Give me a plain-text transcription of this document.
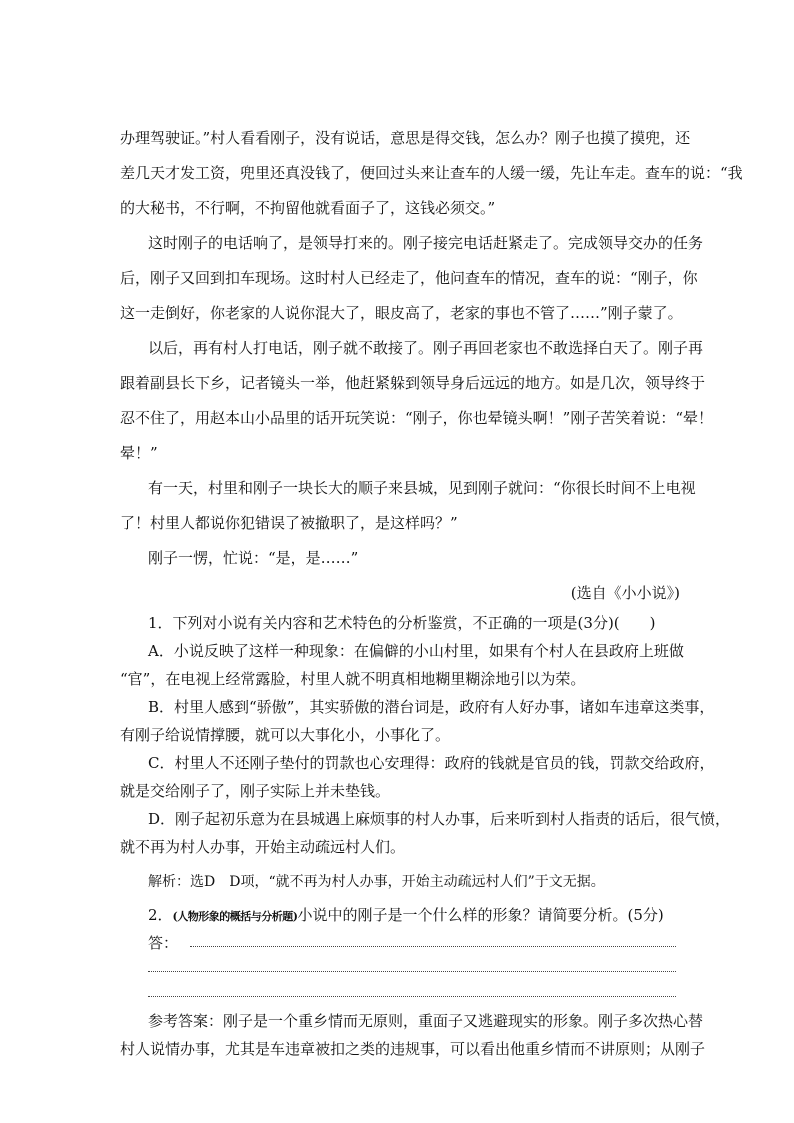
办理驾驶证。”村人看看刚子，没有说话，意思是得交钱，怎么办？刚子也摸了摸兜，还
差几天才发工资，兜里还真没钱了，便回过头来让查车的人缓一缓，先让车走。查车的说：“我
的大秘书，不行啊，不拘留他就看面子了，这钱必须交。”
这时刚子的电话响了，是领导打来的。刚子接完电话赶紧走了。完成领导交办的任务
后，刚子又回到扣车现场。这时村人已经走了，他问查车的情况，查车的说：“刚子，你
这一走倒好，你老家的人说你混大了，眼皮高了，老家的事也不管了……”刚子蒙了。
以后，再有村人打电话，刚子就不敢接了。刚子再回老家也不敢选择白天了。刚子再
跟着副县长下乡，记者镜头一举，他赶紧躲到领导身后远远的地方。如是几次，领导终于
忍不住了，用赵本山小品里的话开玩笑说：“刚子，你也晕镜头啊！”刚子苦笑着说：“晕！
晕！”
有一天，村里和刚子一块长大的顺子来县城，见到刚子就问：“你很长时间不上电视
了！村里人都说你犯错误了被撤职了，是这样吗？”
刚子一愣，忙说：“是，是……”
(选自《小小说》)
1．下列对小说有关内容和艺术特色的分析鉴赏，不正确的一项是(3分)(　　)
A．小说反映了这样一种现象：在偏僻的小山村里，如果有个村人在县政府上班做
“官”，在电视上经常露脸，村里人就不明真相地糊里糊涂地引以为荣。
B．村里人感到“骄傲”，其实骄傲的潜台词是，政府有人好办事，诸如车违章这类事，
有刚子给说情撑腰，就可以大事化小，小事化了。
C．村里人不还刚子垫付的罚款也心安理得：政府的钱就是官员的钱，罚款交给政府，
就是交给刚子了，刚子实际上并未垫钱。
D．刚子起初乐意为在县城遇上麻烦事的村人办事，后来听到村人指责的话后，很气愤，
就不再为村人办事，开始主动疏远村人们。
解析：选D　D项，“就不再为村人办事，开始主动疏远村人们”于文无据。
2．(人物形象的概括与分析题)小说中的刚子是一个什么样的形象？请简要分析。(5分)
答：
参考答案：刚子是一个重乡情而无原则，重面子又逃避现实的形象。刚子多次热心替
村人说情办事，尤其是车违章被扣之类的违规事，可以看出他重乡情而不讲原则；从刚子
